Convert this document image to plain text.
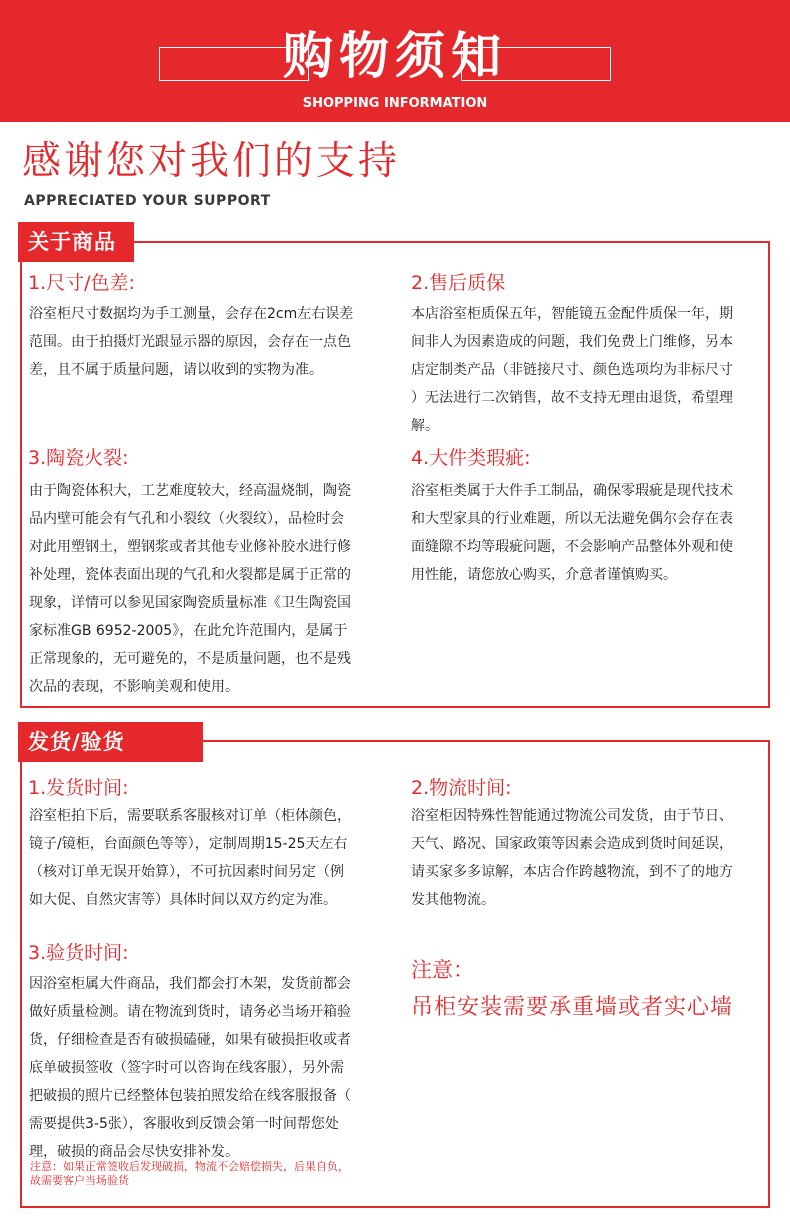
购物须知
SHOPPING INFORMATION
感谢您对我们的支持
APPRECIATED YOUR SUPPORT
关于商品
1.尺寸/色差:
浴室柜尺寸数据均为手工测量，会存在2cm左右误差
范围。由于拍摄灯光跟显示器的原因，会存在一点色
差，且不属于质量问题，请以收到的实物为准。
2.售后质保
本店浴室柜质保五年，智能镜五金配件质保一年，期
间非人为因素造成的问题，我们免费上门维修，另本
店定制类产品（非链接尺寸、颜色选项均为非标尺寸
）无法进行二次销售，故不支持无理由退货，希望理
解。
3.陶瓷火裂:
由于陶瓷体积大，工艺难度较大，经高温烧制，陶瓷
品内壁可能会有气孔和小裂纹（火裂纹），品检时会
对此用塑钢土，塑钢浆或者其他专业修补胶水进行修
补处理，瓷体表面出现的气孔和火裂都是属于正常的
现象，详情可以参见国家陶瓷质量标准《卫生陶瓷国
家标准GB 6952-2005》，在此允许范围内，是属于
正常现象的，无可避免的，不是质量问题，也不是残
次品的表现，不影响美观和使用。
4.大件类瑕疵:
浴室柜类属于大件手工制品，确保零瑕疵是现代技术
和大型家具的行业难题，所以无法避免偶尔会存在表
面缝隙不均等瑕疵问题，不会影响产品整体外观和使
用性能，请您放心购买，介意者谨慎购买。
发货/验货
1.发货时间:
浴室柜拍下后，需要联系客服核对订单（柜体颜色，
镜子/镜柜，台面颜色等等），定制周期15-25天左右
（核对订单无误开始算），不可抗因素时间另定（例
如大促、自然灾害等）具体时间以双方约定为准。
2.物流时间:
浴室柜因特殊性智能通过物流公司发货，由于节日、
天气、路况、国家政策等因素会造成到货时间延误，
请买家多多谅解，本店合作跨越物流，到不了的地方
发其他物流。
3.验货时间:
因浴室柜属大件商品，我们都会打木架，发货前都会
做好质量检测。请在物流到货时，请务必当场开箱验
货，仔细检查是否有破损磕碰，如果有破损拒收或者
底单破损签收（签字时可以咨询在线客服），另外需
把破损的照片已经整体包装拍照发给在线客服报备（
需要提供3-5张），客服收到反馈会第一时间帮您处
理，破损的商品会尽快安排补发。
注意：如果正常签收后发现破损，物流不会赔偿损失，后果自负，
故需要客户当场验货
注意：
吊柜安装需要承重墙或者实心墙
